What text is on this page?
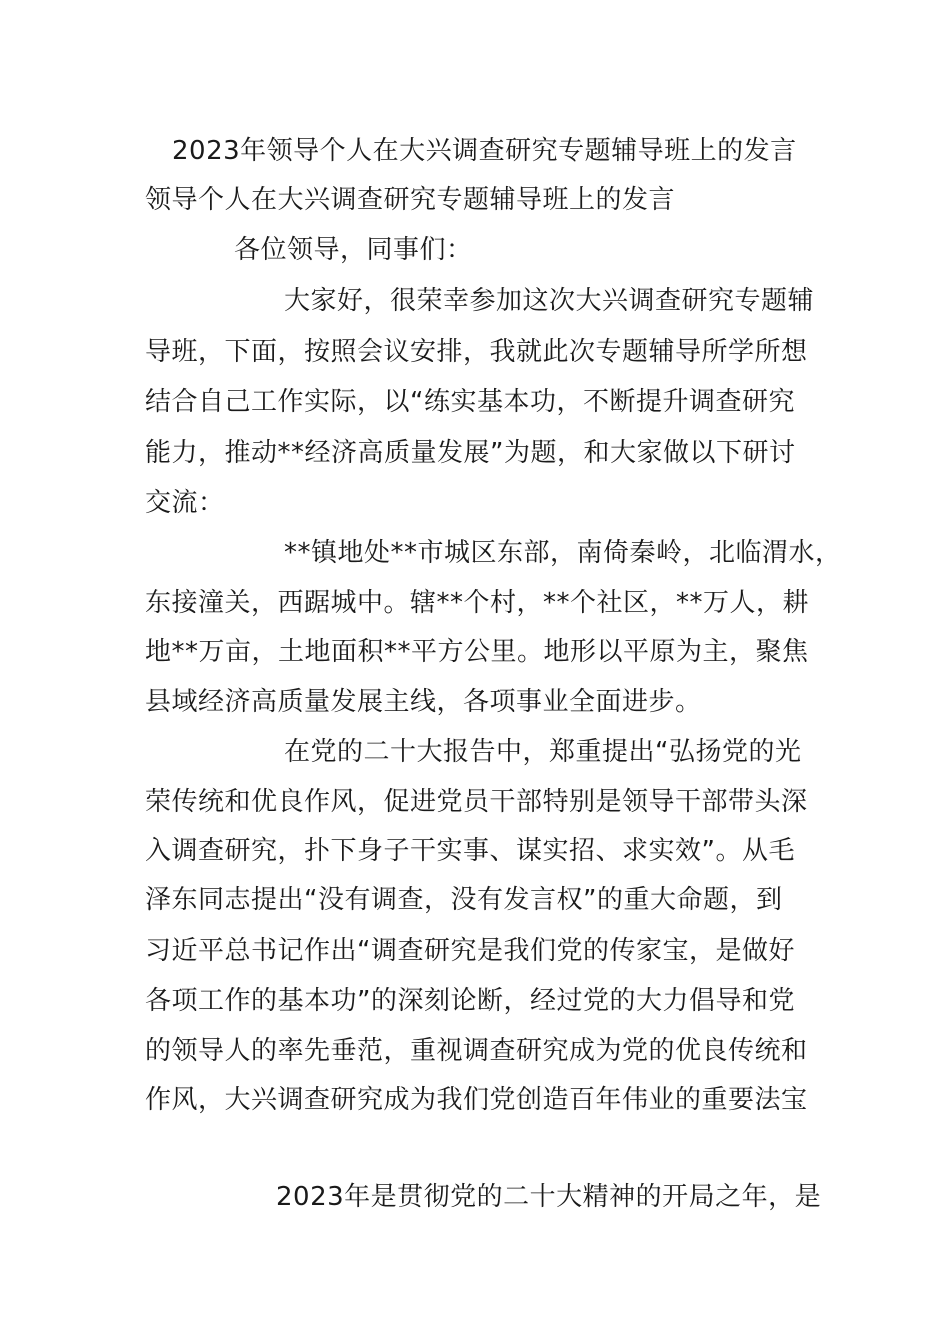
2023年领导个人在大兴调查研究专题辅导班上的发言
领导个人在大兴调查研究专题辅导班上的发言
各位领导，同事们：
大家好，很荣幸参加这次大兴调查研究专题辅
导班，下面，按照会议安排，我就此次专题辅导所学所想
结合自己工作实际，以“练实基本功，不断提升调查研究
能力，推动**经济高质量发展”为题，和大家做以下研讨
交流：
**镇地处**市城区东部，南倚秦岭，北临渭水，
东接潼关，西踞城中。辖**个村，**个社区，**万人，耕
地**万亩，土地面积**平方公里。地形以平原为主，聚焦
县域经济高质量发展主线，各项事业全面进步。
在党的二十大报告中，郑重提出“弘扬党的光
荣传统和优良作风，促进党员干部特别是领导干部带头深
入调查研究，扑下身子干实事、谋实招、求实效”。从毛
泽东同志提出“没有调查，没有发言权”的重大命题，到
习近平总书记作出“调查研究是我们党的传家宝，是做好
各项工作的基本功”的深刻论断，经过党的大力倡导和党
的领导人的率先垂范，重视调查研究成为党的优良传统和
作风，大兴调查研究成为我们党创造百年伟业的重要法宝
2023年是贯彻党的二十大精神的开局之年，是
